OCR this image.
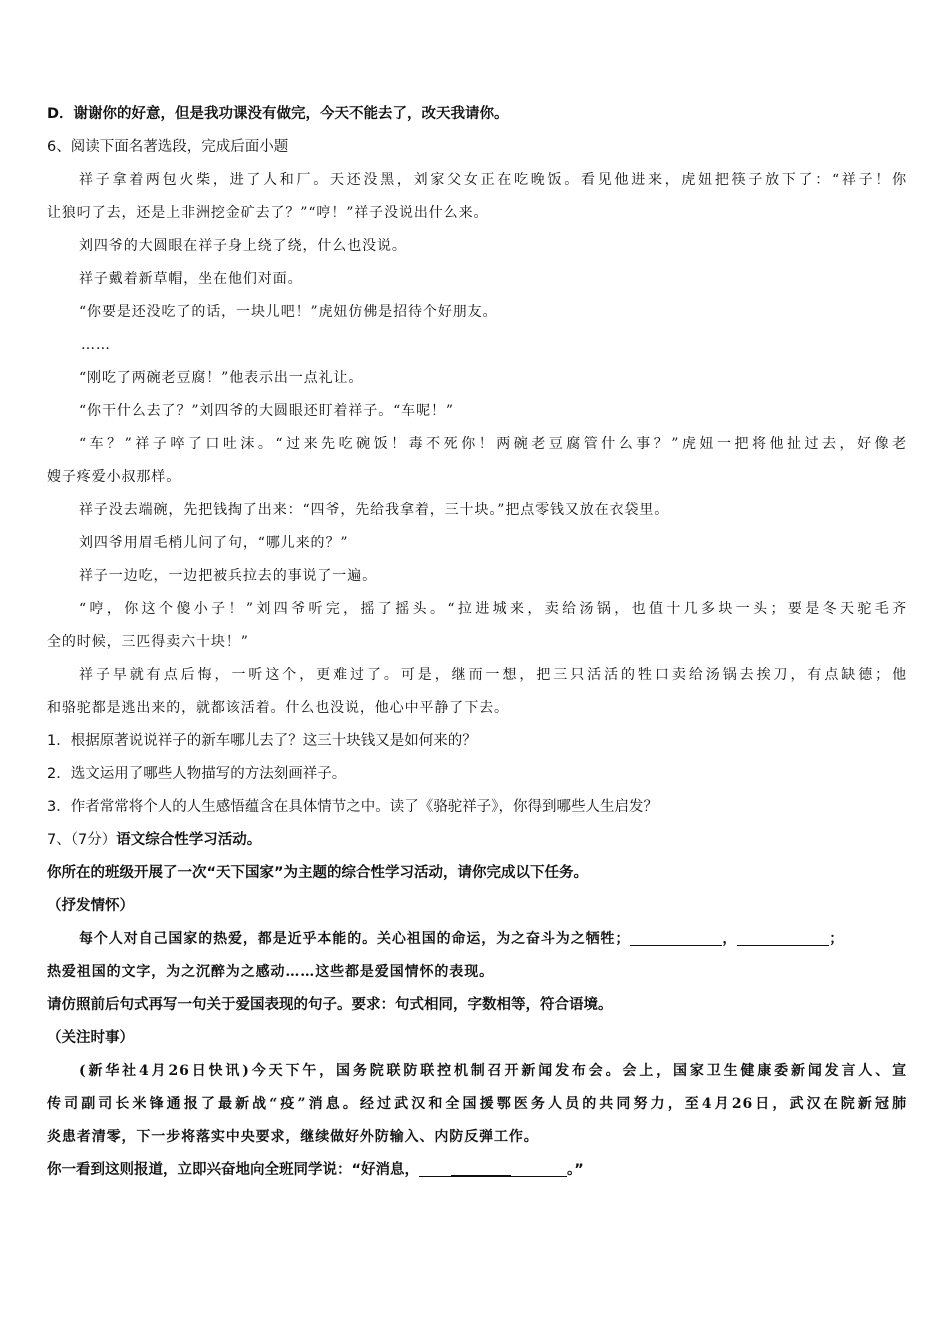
D．谢谢你的好意，但是我功课没有做完，今天不能去了，改天我请你。
6、阅读下面名著选段，完成后面小题
祥子拿着两包火柴，进了人和厂。天还没黑，刘家父女正在吃晚饭。看见他进来，虎妞把筷子放下了：“祥子！你
让狼叼了去，还是上非洲挖金矿去了？”“哼！”祥子没说出什么来。
刘四爷的大圆眼在祥子身上绕了绕，什么也没说。
祥子戴着新草帽，坐在他们对面。
“你要是还没吃了的话，一块儿吧！”虎妞仿佛是招待个好朋友。
……
“刚吃了两碗老豆腐！”他表示出一点礼让。
“你干什么去了？”刘四爷的大圆眼还盯着祥子。“车呢！”
“车？”祥子啐了口吐沫。“过来先吃碗饭！毒不死你！两碗老豆腐管什么事？”虎妞一把将他扯过去，好像老
嫂子疼爱小叔那样。
祥子没去端碗，先把钱掏了出来：“四爷，先给我拿着，三十块。”把点零钱又放在衣袋里。
刘四爷用眉毛梢儿问了句，“哪儿来的？”
祥子一边吃，一边把被兵拉去的事说了一遍。
“哼，你这个傻小子！”刘四爷听完，摇了摇头。“拉进城来，卖给汤锅，也值十几多块一头；要是冬天驼毛齐
全的时候，三匹得卖六十块！”
祥子早就有点后悔，一听这个，更难过了。可是，继而一想，把三只活活的牲口卖给汤锅去挨刀，有点缺德；他
和骆驼都是逃出来的，就都该活着。什么也没说，他心中平静了下去。
1．根据原著说说祥子的新车哪儿去了？这三十块钱又是如何来的？
2．选文运用了哪些人物描写的方法刻画祥子。
3．作者常常将个人的人生感悟蕴含在具体情节之中。读了《骆驼祥子》，你得到哪些人生启发？
7、（7分）语文综合性学习活动。
你所在的班级开展了一次“天下国家”为主题的综合性学习活动，请你完成以下任务。
（抒发情怀）
每个人对自己国家的热爱，都是近乎本能的。关心祖国的命运，为之奋斗为之牺牲；	，	；
热爱祖国的文字，为之沉醉为之感动……这些都是爱国情怀的表现。
请仿照前后句式再写一句关于爱国表现的句子。要求：句式相同，字数相等，符合语境。
（关注时事）
(新华社4月26日快讯)今天下午，国务院联防联控机制召开新闻发布会。会上，国家卫生健康委新闻发言人、宣
传司副司长米锋通报了最新战“疫”消息。经过武汉和全国援鄂医务人员的共同努力，至4月26日，武汉在院新冠肺
炎患者清零，下一步将落实中央要求，继续做好外防输入、内防反弹工作。
你一看到这则报道，立即兴奋地向全班同学说：“好消息，	。”
